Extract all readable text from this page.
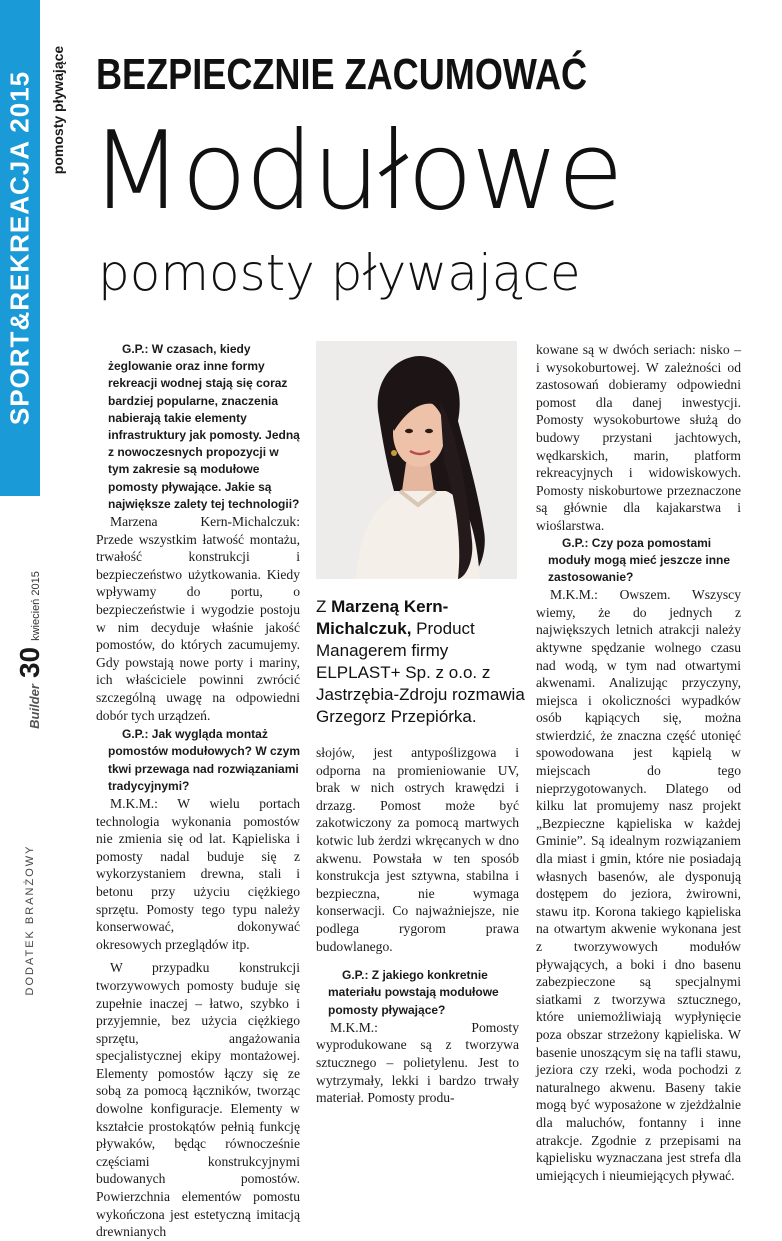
SPORT&REKREACJA 2015 pomosty pływające
Builder
30
kwiecień 2015
DODATEK BRANŻOWY
BEZPIECZNIE ZACUMOWAĆ
Modułowe
pomosty pływające

G.P.: W czasach, kiedy żeglowanie oraz inne formy rekreacji wodnej stają się coraz bardziej popularne, znaczenia nabierają takie elementy infrastruktury jak pomosty. Jedną z nowoczesnych propozycji w tym zakresie są modułowe pomosty pływające. Jakie są największe zalety tej technologii?

Marzena Kern-Michalczuk: Przede wszystkim łatwość montażu, trwałość konstrukcji i bezpieczeństwo użytkowania. Kiedy wpływamy do portu, o bezpieczeństwie i wygodzie postoju w nim decyduje właśnie jakość pomostów, do których zacumujemy. Gdy powstają nowe porty i mariny, ich właściciele powinni zwrócić szczególną uwagę na odpowiedni dobór tych urządzeń.

G.P.: Jak wygląda montaż pomostów modułowych? W czym tkwi przewaga nad rozwiązaniami tradycyjnymi?

M.K.M.: W wielu portach technologia wykonania pomostów nie zmienia się od lat. Kąpieliska i pomosty nadal buduje się z wykorzystaniem drewna, stali i betonu przy użyciu ciężkiego sprzętu. Pomosty tego typu należy konserwować, dokonywać okresowych przeglądów itp.

W przypadku konstrukcji tworzywowych pomosty buduje się zupełnie inaczej – łatwo, szybko i przyjemnie, bez użycia ciężkiego sprzętu, angażowania specjalistycznej ekipy montażowej. Elementy pomostów łączy się ze sobą za pomocą łączników, tworząc dowolne konfiguracje. Elementy w kształcie prostokątów pełnią funkcję pływaków, będąc równocześnie częściami konstrukcyjnymi budowanych pomostów. Powierzchnia elementów pomostu wykończona jest estetyczną imitacją drewnianych

Z Marzeną Kern-Michalczuk, Product Managerem firmy ELPLAST+ Sp. z o.o. z Jastrzębia-Zdroju rozmawia Grzegorz Przepiórka.

słojów, jest antypoślizgowa i odporna na promieniowanie UV, brak w nich ostrych krawędzi i drzazg. Pomost może być zakotwiczony za pomocą martwych kotwic lub żerdzi wkręcanych w dno akwenu. Powstała w ten sposób konstrukcja jest sztywna, stabilna i bezpieczna, nie wymaga konserwacji. Co najważniejsze, nie podlega rygorom prawa budowlanego.

G.P.: Z jakiego konkretnie materiału powstają modułowe pomosty pływające?

M.K.M.: Pomosty wyprodukowane są z tworzywa sztucznego – polietylenu. Jest to wytrzymały, lekki i bardzo trwały materiał. Pomosty produ-

kowane są w dwóch seriach: nisko – i wysokoburtowej. W zależności od zastosowań dobieramy odpowiedni pomost dla danej inwestycji. Pomosty wysokoburtowe służą do budowy przystani jachtowych, wędkarskich, marin, platform rekreacyjnych i widowiskowych. Pomosty niskoburtowe przeznaczone są głównie dla kajakarstwa i wioślarstwa.

G.P.: Czy poza pomostami moduły mogą mieć jeszcze inne zastosowanie?

M.K.M.: Owszem. Wszyscy wiemy, że do jednych z największych letnich atrakcji należy aktywne spędzanie wolnego czasu nad wodą, w tym nad otwartymi akwenami. Analizując przyczyny, miejsca i okoliczności wypadków osób kąpiących się, można stwierdzić, że znaczna część utonięć spowodowana jest kąpielą w miejscach do tego nieprzygotowanych. Dlatego od kilku lat promujemy nasz projekt „Bezpieczne kąpieliska w każdej Gminie”. Są idealnym rozwiązaniem dla miast i gmin, które nie posiadają własnych basenów, ale dysponują dostępem do jeziora, żwirowni, stawu itp. Korona takiego kąpieliska na otwartym akwenie wykonana jest z tworzywowych modułów pływających, a boki i dno basenu zabezpieczone są specjalnymi siatkami z tworzywa sztucznego, które uniemożliwiają wypłynięcie poza obszar strzeżony kąpieliska. W basenie unoszącym się na tafli stawu, jeziora czy rzeki, woda pochodzi z naturalnego akwenu. Baseny takie mogą być wyposażone w zjeżdżalnie dla maluchów, fontanny i inne atrakcje. Zgodnie z przepisami na kąpielisku wyznaczana jest strefa dla umiejących i nieumiejących pływać.
